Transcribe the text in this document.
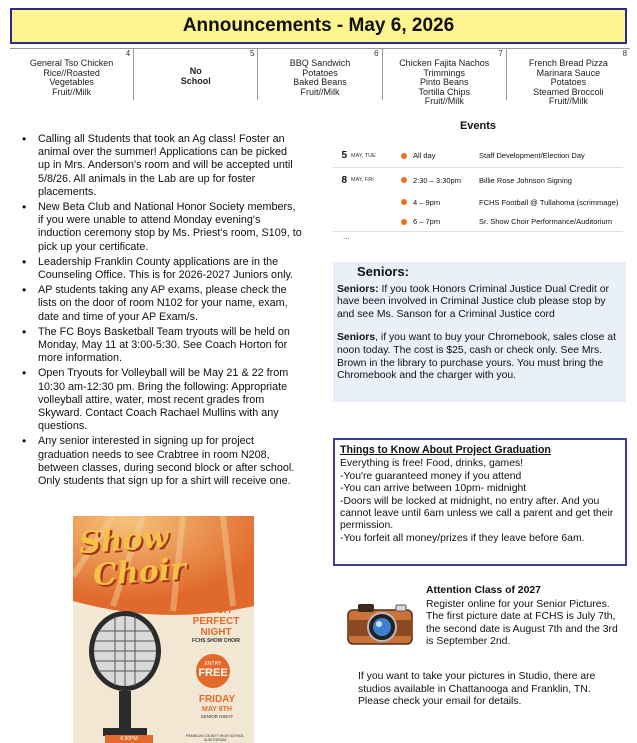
Announcements - May 6, 2026
4
General Tso Chicken
Rice//Roasted
Vegetables
Fruit//Milk
5
No
School
6
BBQ Sandwich
Potatoes
Baked Beans
Fruit//Milk
7
Chicken Fajita Nachos
Trimmings
Pinto Beans
Tortilla Chips
Fruit//Milk
8
French Bread Pizza
Marinara Sauce
Potatoes
Steamed Broccoli
Fruit//Milk
• Calling all Students that took an Ag class! Foster an animal over the summer! Applications can be picked up in Mrs. Anderson's room and will be accepted until 5/8/26. All animals in the Lab are up for foster placements.
• New Beta Club and National Honor Society members, if you were unable to attend Monday evening's induction ceremony stop by Ms. Priest's room, S109, to pick up your certificate.
• Leadership Franklin County applications are in the Counseling Office. This is for 2026-2027 Juniors only.
• AP students taking any AP exams, please check the lists on the door of room N102 for your name, exam, date and time of your AP Exam/s.
• The FC Boys Basketball Team tryouts will be held on Monday, May 11 at 3:00-5:30. See Coach Horton for more information.
• Open Tryouts for Volleyball will be May 21 & 22 from 10:30 am-12:30 pm. Bring the following: Appropriate volleyball attire, water, most recent grades from Skyward. Contact Coach Rachael Mullins with any questions.
• Any senior interested in signing up for project graduation needs to see Crabtree in room N208, between classes, during second block or after school. Only students that sign up for a shirt will receive one.
Events
5 MAY, TUE	All day	Staff Development/Election Day
8 MAY, FRI	2:30 – 3:30pm	Billie Rose Johnson Signing
4 – 9pm	FCHS Football @ Tullahoma (scrimmage)
6 – 7pm	Sr. Show Choir Performance/Auditorium
...
Seniors:

Seniors: If you took Honors Criminal Justice Dual Credit or have been involved in Criminal Justice club please stop by and see Ms. Sanson for a Criminal Justice cord

Seniors, if you want to buy your Chromebook, sales close at noon today. The cost is $25, cash or check only. See Mrs. Brown in the library to purchase yours. You must bring the Chromebook and the charger with you.

Things to Know About Project Graduation
Everything is free! Food, drinks, games!
-You're guaranteed money if you attend
-You can arrive between 10pm- midnight
-Doors will be locked at midnight, no entry after. And you cannot leave until 6am unless we call a parent and get their permission.
-You forfeit all money/prizes if they leave before 6am.
Attention Class of 2027
Register online for your Senior Pictures. The first picture date at FCHS is July 7th, the second date is August 7th and the 3rd is September 2nd.
If you want to take your pictures in Studio, there are studios available in Chattanooga and Franklin, TN. Please check your email for details.
Show
Choir
PITCH
PERFECT
NIGHT
FCHS SHOW CHOIR
ENTRY
FREE
FRIDAY
MAY 8TH
SENIOR NIGHT
FRANKLIN COUNTY HIGH SCHOOL AUDITORIUM
6:30PM
